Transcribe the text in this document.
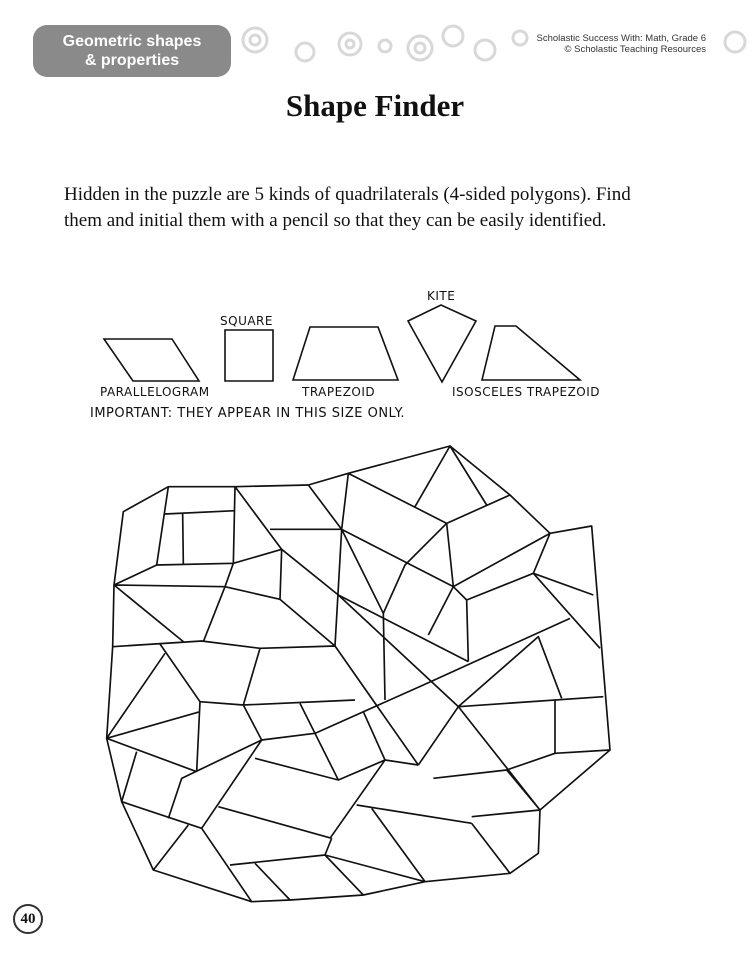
Geometric shapes
& properties
Scholastic Success With: Math, Grade 6
© Scholastic Teaching Resources
Shape Finder
Hidden in the puzzle are 5 kinds of quadrilaterals (4-sided polygons). Find them and initial them with a pencil so that they can be easily identified.
SQUARE
KITE
PARALLELOGRAM	TRAPEZOID	ISOSCELES TRAPEZOID
IMPORTANT: THEY APPEAR IN THIS SIZE ONLY.
40
